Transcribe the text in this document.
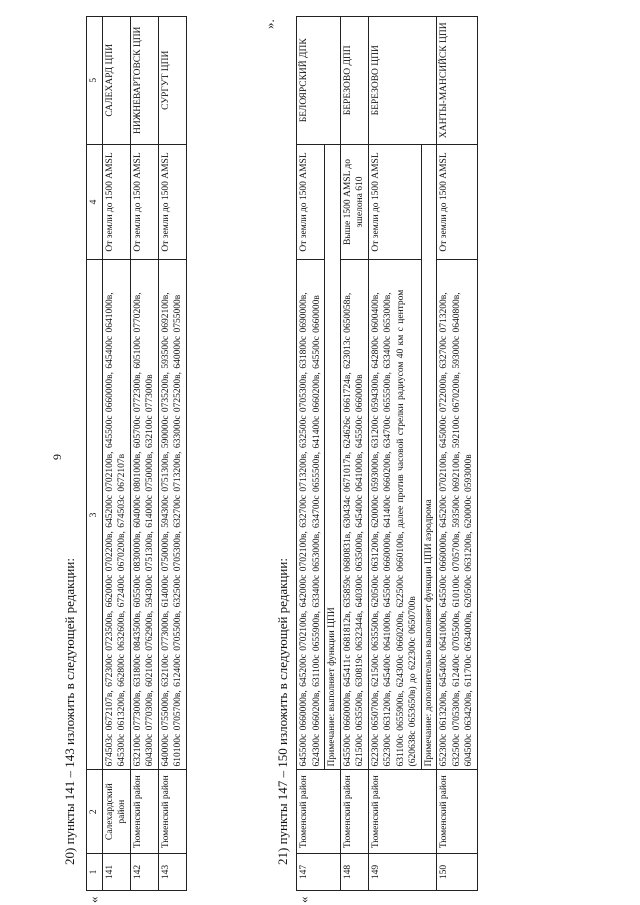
9
20) пункты 141 – 143 изложить в следующей редакции:
«
1	2	3	4	5
141	Салехардский район	674503с 0672107в, 672300с 0723500в, 662000с 0702200в, 645200с 0702100в, 645500с 0660000в, 645400с 0641000в, 645300с 0613200в, 662800с 0632600в, 672400с 0670200в, 674503с 0672107в	От земли до 1500 AMSL	САЛЕХАРД ЦПИ
142	Тюменский район	632100с 0773000в, 631800с 0843500в, 605500с 0830000в, 604000с 0801000в, 605700с 0772300в, 605100с 0770200в, 604300с 0770300в, 602100с 0762900в, 594300с 0751300в, 614000с 0750000в, 632100с 0773000в	От земли до 1500 AMSL	НИЖНЕВАРТОВСК ЦПИ
143	Тюменский район	640000с 0755000в, 632100с 0773000в, 614000с 0750000в, 594300с 0751300в, 590000с 0735200в, 593500с 0692100в, 610100с 0705700в, 612400с 0705500в, 632500с 0705300в, 632700с 0713200в, 633000с 0725200в, 640000с 0755000в	От земли до 1500 AMSL	СУРГУТ ЦПИ
».
21) пункты 147 – 150 изложить в следующей редакции:
«
147	Тюменский район	645500с 0660000в, 645200с 0702100в, 642000с 0702100в, 632700с 0713200в, 632500с 0705300в, 631800с 0690000в, 624300с 0660200в, 631100с 0655900в, 633400с 0653000в, 634700с 0655500в, 641400с 0660200в, 645500с 0660000в	От земли до 1500 AMSL	БЕЛОЯРСКИЙ ДПК
		Примечание: выполняет функции ЦПИ		
148	Тюменский район	645500с 0660000в, 645411с 0681812в, 635859с 0680831в, 630434с 0671017в, 624626с 0661724в, 623013с 0650058в, 621500с 0635500в, 630819с 0632344в, 640300с 0635000в, 645400с 0641000в, 645500с 0660000в	Выше 1500 AMSL до эшелона 610	БЕРЕЗОВО ДПП
149	Тюменский район	622300с 0650700в, 621500с 0635500в, 620500с 0631200в, 620000с 0593000в, 631200с 0594300в, 642800с 0600400в, 652300с 0631200в, 645400с 0641000в, 645500с 0660000в, 641400с 0660200в, 634700с 0655500в, 633400с 0653000в, 631100с 0655900в, 624300с 0660200в, 622500с 0660100в, далее против часовой стрелки радиусом 40 км с центром (620638с 0653650в) до 622300с 0650700в	От земли до 1500 AMSL	БЕРЕЗОВО ЦПИ
		Примечание: дополнительно выполняет функции ЦПИ аэродрома		
150	Тюменский район	652300с 0613200в, 645400с 0641000в, 645500с 0660000в, 645200с 0702100в, 645000с 0722000в, 632700с 0713200в, 632500с 0705300в, 612400с 0705500в, 610100с 0705700в, 593500с 0692100в, 592100с 0670200в, 593000с 0640800в, 604500с 0634200в, 611700с 0634000в, 620500с 0631200в, 620000с 0593000в	От земли до 1500 AMSL	ХАНТЫ-МАНСИЙСК ЦПИ
